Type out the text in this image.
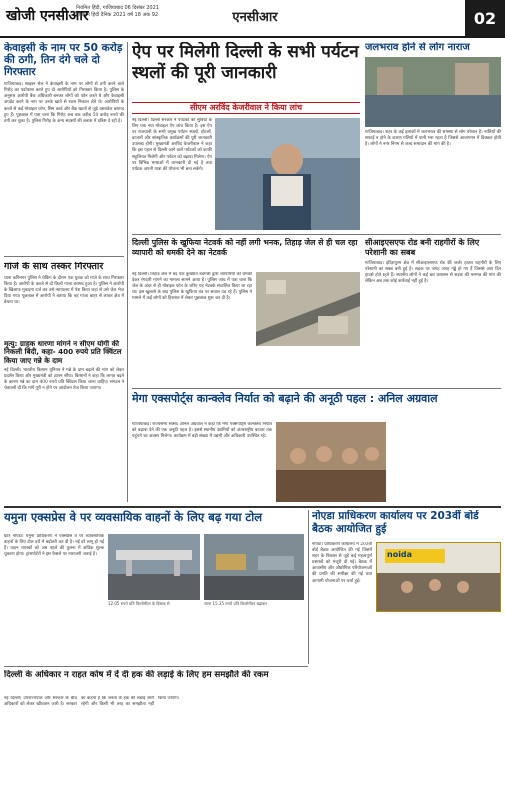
खोजी एनसीआर
नियमित हिंदी, गाजियाबाद 06 दिसंबर 2021
प्रतिदिन हिंदी दैनिक 2021 वर्ष 18 अंक 92	एनसीआर	02
केवाइसी के नाम पर 50 करोड़ की ठगी, तिन दंगे चले दो गिरफ्तार
गाजियाबाद। साइबर सेल ने केवाइसी के नाम पर लोगों से ठगी करने वाले गिरोह का पर्दाफाश करते हुए दो आरोपियों को गिरफ्तार किया है। पुलिस के अनुसार आरोपी बैंक अधिकारी बनकर लोगों को फोन करते थे और केवाइसी अपडेट करने के नाम पर उनके खाते से रकम निकाल लेते थे। आरोपियों के कब्जे से कई मोबाइल फोन, सिम कार्ड और बैंक खातों से जुड़े दस्तावेज बरामद हुए हैं। पूछताछ में पता चला कि गिरोह अब तक करीब 50 करोड़ रुपये की ठगी कर चुका है। पुलिस गिरोह के अन्य सदस्यों की तलाश में दबिश दे रही है।
गांजे के साथ तस्कर गिरफ्तार
थाना कविनगर पुलिस ने चेकिंग के दौरान एक युवक को गांजे के साथ गिरफ्तार किया है। आरोपी के कब्जे से दो किलो गांजा बरामद हुआ है। पुलिस ने आरोपी के खिलाफ मुकदमा दर्ज कर उसे न्यायालय में पेश किया जहां से उसे जेल भेज दिया गया। पूछताछ में आरोपी ने बताया कि वह गांजा बाहर से लाकर क्षेत्र में बेचता था।
मृत्यु: ग्राहक धारणा मांगने न सीएम योगी की निकली बिंदी, कहा- 400 रुपये प्रति क्विंटल किया जाए गन्ने के दाम
नई दिल्ली। भारतीय किसान यूनियन ने गन्ने के दाम बढ़ाने की मांग को लेकर प्रदर्शन किया और मुख्यमंत्री को ज्ञापन सौंपा। किसानों ने कहा कि लागत बढ़ने के कारण गन्ने का दाम 400 रुपये प्रति क्विंटल किया जाना चाहिए। संगठन ने चेतावनी दी कि मांगें पूरी न होने पर आंदोलन तेज किया जाएगा।
ऐप पर मिलेगी दिल्ली के सभी पर्यटन स्थलों की पूरी जानकारी
सीएम अरविंद केजरीवाल ने किया लांच
नई दिल्ली। दिल्ली सरकार ने पर्यटकों की सुविधा के लिए एक नया मोबाइल ऐप लांच किया है। इस ऐप पर राजधानी के सभी प्रमुख पर्यटन स्थलों, होटलों, बाजारों और सांस्कृतिक कार्यक्रमों की पूरी जानकारी उपलब्ध होगी। मुख्यमंत्री अरविंद केजरीवाल ने कहा कि इस पहल से दिल्ली आने वाले पर्यटकों को काफी सहूलियत मिलेगी और पर्यटन को बढ़ावा मिलेगा। ऐप पर विभिन्न भाषाओं में जानकारी दी गई है तथा पर्यटक अपनी यात्रा की योजना भी बना सकेंगे।
जलभराव होने से लोग नाराज
गाजियाबाद। शहर के कई इलाकों में जलभराव की समस्या से लोग परेशान हैं। नालियों की सफाई न होने के कारण गलियों में पानी भरा रहता है जिससे आवागमन में दिक्कत होती है। लोगों ने नगर निगम से जल्द समाधान की मांग की है।
दिल्ली पुलिस के खुफिया नेटवर्क को नहीं लगी भनक, तिहाड़ जेल से ही चल रहा व्यापारी को धमकी देने का नेटवर्क
नई दिल्ली। तिहाड़ जेल में बंद एक कुख्यात बदमाश द्वारा व्यापारियों को धमकी देकर रंगदारी मांगने का मामला सामने आया है। पुलिस जांच में पता चला कि जेल के अंदर से ही मोबाइल फोन के जरिए यह नेटवर्क संचालित किया जा रहा था। इस खुलासे के बाद पुलिस के खुफिया तंत्र पर सवाल उठ रहे हैं। पुलिस ने मामले में कई लोगों को हिरासत में लेकर पूछताछ शुरू कर दी है।
सीआइएसएफ रोड बनी राहगीरों के लिए परेशानी का सबब
गाजियाबाद। इंदिरापुरम क्षेत्र में सीआइएसएफ रोड की जर्जर हालत राहगीरों के लिए परेशानी का सबब बनी हुई है। सड़क पर जगह जगह गड्ढे हो गए हैं जिससे आए दिन हादसे होते रहते हैं। स्थानीय लोगों ने कई बार प्रशासन से सड़क की मरम्मत की मांग की लेकिन अब तक कोई कार्रवाई नहीं हुई है।
मेगा एक्सपोर्ट्स कान्क्लेव निर्यात को बढ़ाने की अनूठी पहल : अनिल अग्रवाल
गाजियाबाद। राज्यसभा सांसद अनिल अग्रवाल ने कहा कि मेगा एक्सपोर्ट्स कान्क्लेव निर्यात को बढ़ावा देने की एक अनूठी पहल है। इससे स्थानीय उद्यमियों को अंतरराष्ट्रीय बाजार तक पहुंचने का अवसर मिलेगा। कार्यक्रम में बड़ी संख्या में उद्यमी और अधिकारी उपस्थित रहे।
यमुना एक्सप्रेस वे पर व्यवसायिक वाहनों के लिए बढ़ गया टोल
ग्रेटर नोएडा। यमुना प्राधिकरण ने एक्सप्रेस वे पर व्यावसायिक वाहनों के लिए टोल दरों में बढ़ोतरी कर दी है। नई दरें लागू हो गई हैं। वाहन चालकों को अब पहले की तुलना में अधिक शुल्क चुकाना होगा। ट्रांसपोर्टरों ने इस फैसले पर नाराजगी जताई है।
12.05 रुपये प्रति किलोमीटर के हिसाब से	जाना 15.35 रुपये प्रति किलोमीटर बढ़ाकर
नोएडा प्राधिकरण कार्यालय पर 203वीं बोर्ड बैठक आयोजित हुई
नोएडा। प्राधिकरण कार्यालय में 203वीं बोर्ड बैठक आयोजित की गई जिसमें शहर के विकास से जुड़े कई महत्वपूर्ण प्रस्तावों को मंजूरी दी गई। बैठक में आवासीय और औद्योगिक परियोजनाओं की प्रगति की समीक्षा की गई तथा आगामी योजनाओं पर चर्चा हुई।
noida
दिल्ली के अधिकार न राहत कोष में दें दी हक की लड़ाई के लिए हम समझौते की रकम
नई दिल्ली। उपराज्यपाल और सरकार के बीच अधिकारों को लेकर खींचतान जारी है। सरकार का कहना है कि जनता के हक की लड़ाई जारी रहेगी और किसी भी तरह का समझौता नहीं किया जाएगा।
